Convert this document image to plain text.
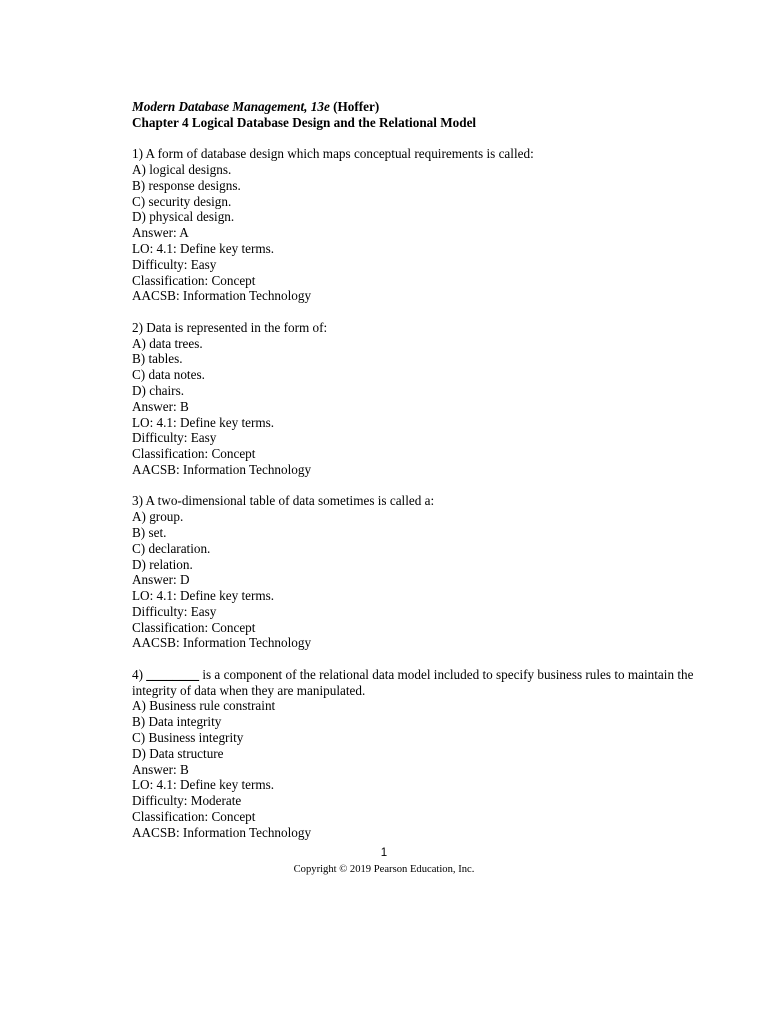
Modern Database Management, 13e (Hoffer)
Chapter 4 Logical Database Design and the Relational Model
1) A form of database design which maps conceptual requirements is called:
A) logical designs.
B) response designs.
C) security design.
D) physical design.
Answer: A
LO: 4.1: Define key terms.
Difficulty: Easy
Classification: Concept
AACSB: Information Technology
2) Data is represented in the form of:
A) data trees.
B) tables.
C) data notes.
D) chairs.
Answer: B
LO: 4.1: Define key terms.
Difficulty: Easy
Classification: Concept
AACSB: Information Technology
3) A two-dimensional table of data sometimes is called a:
A) group.
B) set.
C) declaration.
D) relation.
Answer: D
LO: 4.1: Define key terms.
Difficulty: Easy
Classification: Concept
AACSB: Information Technology
4) ________ is a component of the relational data model included to specify business rules to maintain the integrity of data when they are manipulated.
A) Business rule constraint
B) Data integrity
C) Business integrity
D) Data structure
Answer: B
LO: 4.1: Define key terms.
Difficulty: Moderate
Classification: Concept
AACSB: Information Technology
1
Copyright © 2019 Pearson Education, Inc.
